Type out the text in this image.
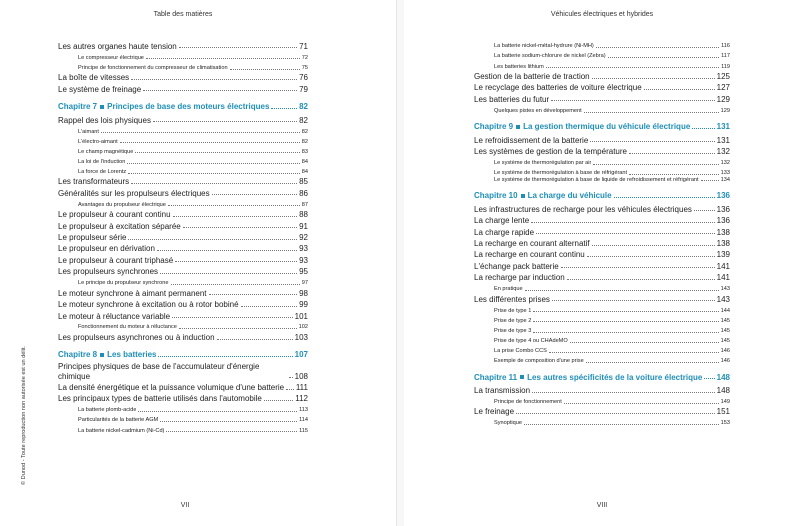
Table des matières
© Dunod - Toute reproduction non autorisée est un délit.
Les autres organes haute tension	71
Le compresseur électrique	72
Principe de fonctionnement du compresseur de climatisation	75
La boîte de vitesses	76
Le système de freinage	79
Chapitre 7 Principes de base des moteurs électriques	82
Rappel des lois physiques	82
L'aimant	82
L'électro-aimant	82
Le champ magnétique	83
La loi de l'induction	84
La force de Lorentz	84
Les transformateurs	85
Généralités sur les propulseurs électriques	86
Avantages du propulseur électrique	87
Le propulseur à courant continu	88
Le propulseur à excitation séparée	91
Le propulseur série	92
Le propulseur en dérivation	93
Le propulseur à courant triphasé	93
Les propulseurs synchrones	95
Le principe du propulseur synchrone	97
Le moteur synchrone à aimant permanent	98
Le moteur synchrone à excitation ou à rotor bobiné	99
Le moteur à réluctance variable	101
Fonctionnement du moteur à réluctance	102
Les propulseurs asynchrones ou à induction	103
Chapitre 8 Les batteries	107
Principes physiques de base de l'accumulateur d'énergie chimique	108
La densité énergétique et la puissance volumique d'une batterie 111
Les principaux types de batterie utilisés dans l'automobile	112
La batterie plomb-acide	113
Particularités de la batterie AGM	114
La batterie nickel-cadmium (Ni-Cd)	115
VII
Véhicules électriques et hybrides
La batterie nickel-métal-hydrure (Ni-MH)	116
La batterie sodium-chlorure de nickel (Zebra)	117
Les batteries lithium	119
Gestion de la batterie de traction	125
Le recyclage des batteries de voiture électrique	127
Les batteries du futur	129
Quelques pistes en développement	129
Chapitre 9 La gestion thermique du véhicule électrique	131
Le refroidissement de la batterie	131
Les systèmes de gestion de la température	132
Le système de thermorégulation par air	132
Le système de thermorégulation à base de réfrigérant	133
Le système de thermorégulation à base de liquide de refroidissement et réfrigérant	134
Chapitre 10 La charge du véhicule	136
Les infrastructures de recharge pour les véhicules électriques	136
La charge lente	136
La charge rapide	138
La recharge en courant alternatif	138
La recharge en courant continu	139
L'échange pack batterie	141
La recharge par induction	141
En pratique	143
Les différentes prises	143
Prise de type 1	144
Prise de type 2	145
Prise de type 3	145
Prise de type 4 ou CHAdeMO	145
La prise Combo CCS	146
Exemple de composition d'une prise	146
Chapitre 11 Les autres spécificités de la voiture électrique 148
La transmission	148
Principe de fonctionnement	149
Le freinage	151
Synoptique	153
VIII
